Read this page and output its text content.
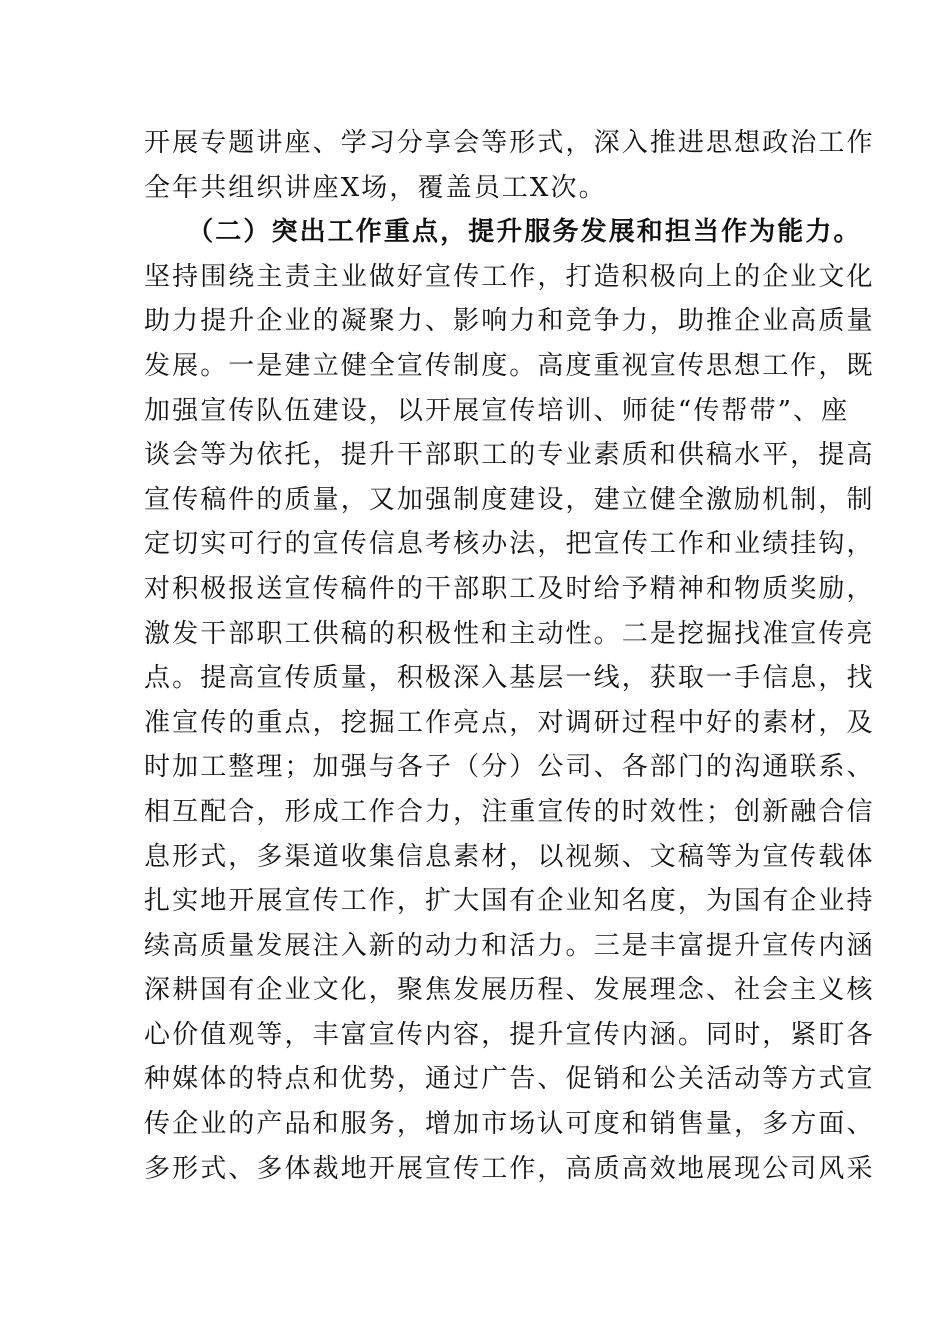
开展专题讲座、学习分享会等形式，深入推进思想政治工作
全年共组织讲座X场，覆盖员工X次。
　　（二）突出工作重点，提升服务发展和担当作为能力。
坚持围绕主责主业做好宣传工作，打造积极向上的企业文化
助力提升企业的凝聚力、影响力和竞争力，助推企业高质量
发展。一是建立健全宣传制度。高度重视宣传思想工作，既
加强宣传队伍建设，以开展宣传培训、师徒“传帮带”、座
谈会等为依托，提升干部职工的专业素质和供稿水平，提高
宣传稿件的质量，又加强制度建设，建立健全激励机制，制
定切实可行的宣传信息考核办法，把宣传工作和业绩挂钩，
对积极报送宣传稿件的干部职工及时给予精神和物质奖励，
激发干部职工供稿的积极性和主动性。二是挖掘找准宣传亮
点。提高宣传质量，积极深入基层一线，获取一手信息，找
准宣传的重点，挖掘工作亮点，对调研过程中好的素材，及
时加工整理；加强与各子（分）公司、各部门的沟通联系、
相互配合，形成工作合力，注重宣传的时效性；创新融合信
息形式，多渠道收集信息素材，以视频、文稿等为宣传载体
扎实地开展宣传工作，扩大国有企业知名度，为国有企业持
续高质量发展注入新的动力和活力。三是丰富提升宣传内涵
深耕国有企业文化，聚焦发展历程、发展理念、社会主义核
心价值观等，丰富宣传内容，提升宣传内涵。同时，紧盯各
种媒体的特点和优势，通过广告、促销和公关活动等方式宣
传企业的产品和服务，增加市场认可度和销售量，多方面、
多形式、多体裁地开展宣传工作，高质高效地展现公司风采
